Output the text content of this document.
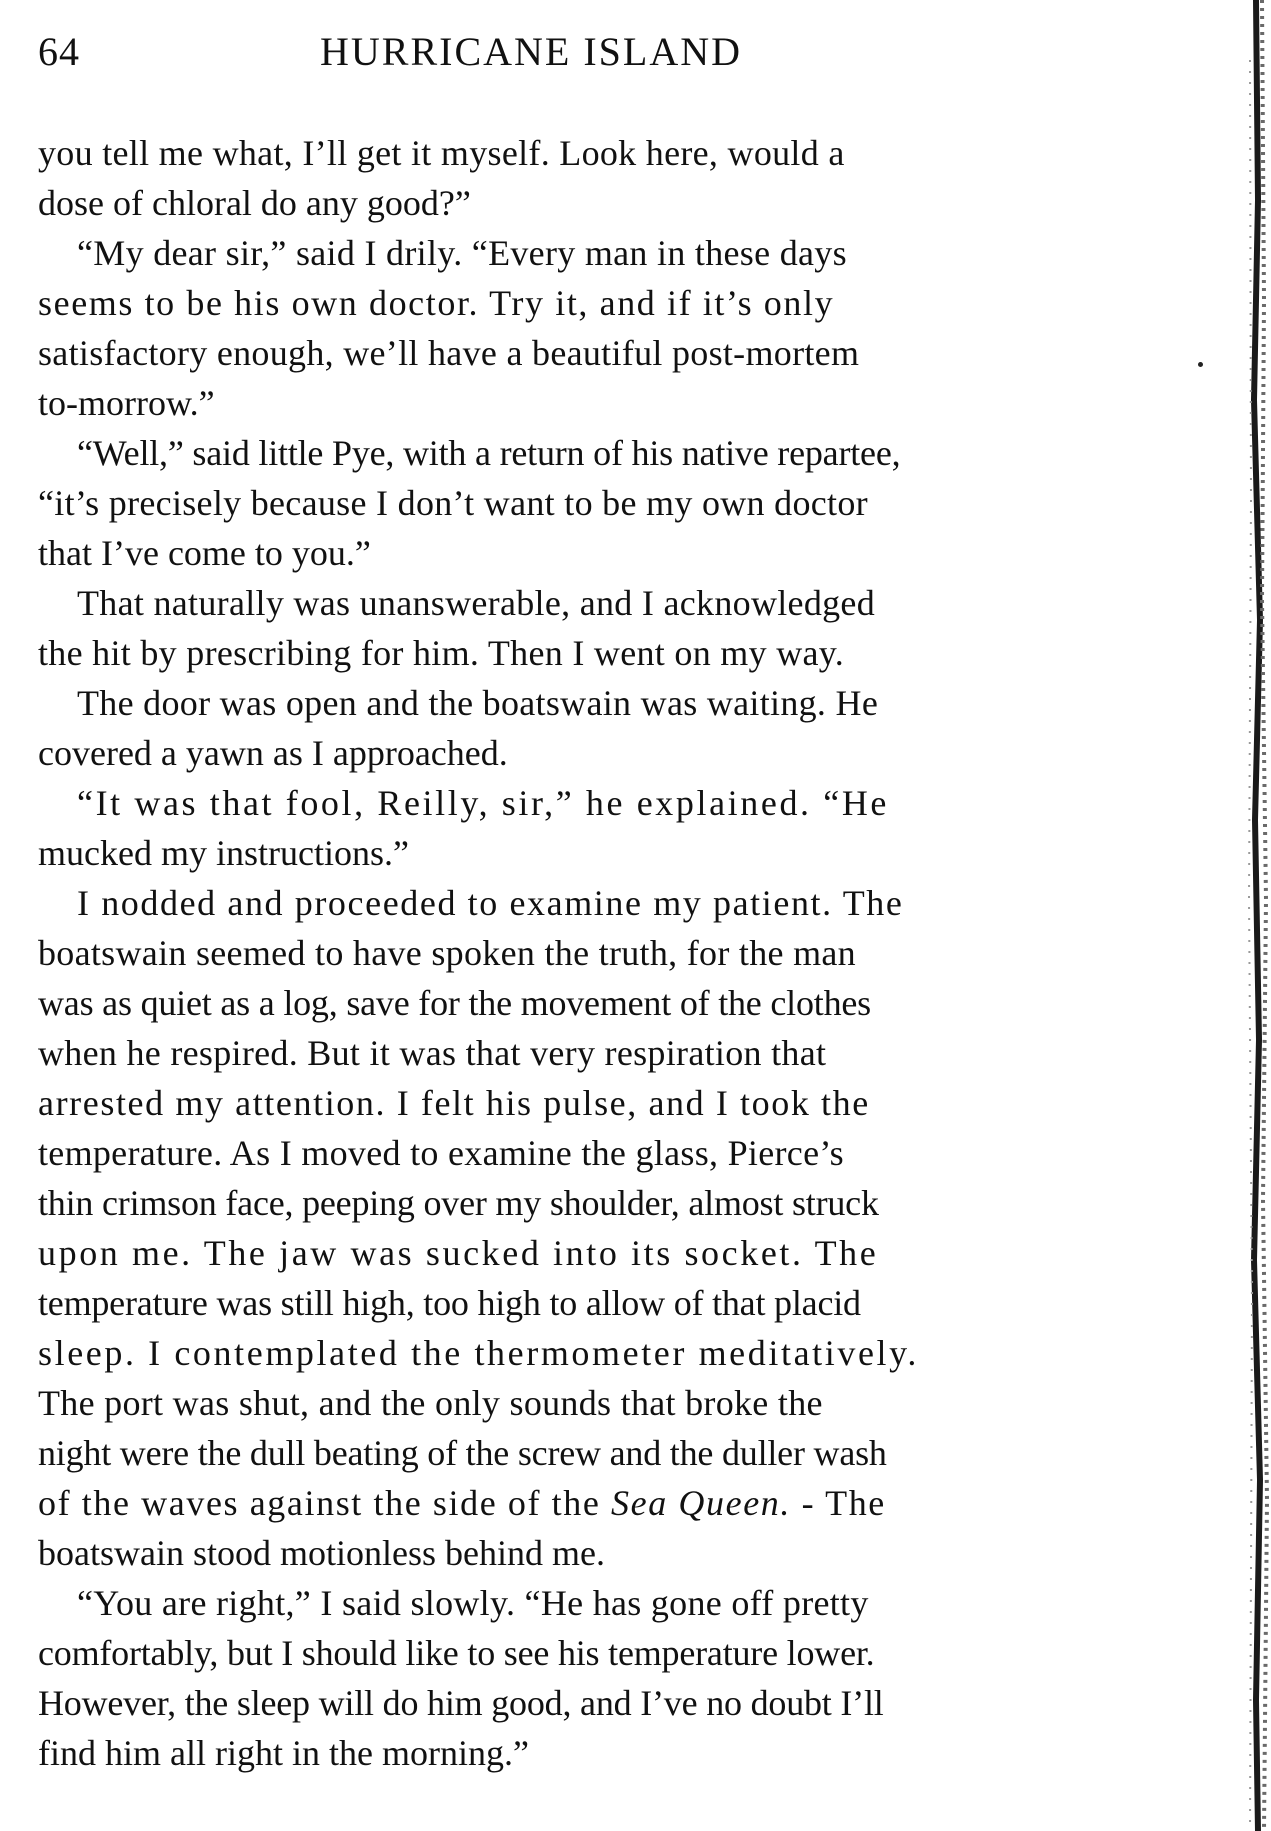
64	HURRICANE ISLAND
you tell me what, I’ll get it myself. Look here, would a
dose of chloral do any good?”
“My dear sir,” said I drily. “Every man in these days
seems to be his own doctor. Try it, and if it’s only
satisfactory enough, we’ll have a beautiful post-mortem
to-morrow.”
“Well,” said little Pye, with a return of his native repartee,
“it’s precisely because I don’t want to be my own doctor
that I’ve come to you.”
That naturally was unanswerable, and I acknowledged
the hit by prescribing for him. Then I went on my way.
The door was open and the boatswain was waiting. He
covered a yawn as I approached.
“It was that fool, Reilly, sir,” he explained. “He
mucked my instructions.”
I nodded and proceeded to examine my patient. The
boatswain seemed to have spoken the truth, for the man
was as quiet as a log, save for the movement of the clothes
when he respired. But it was that very respiration that
arrested my attention. I felt his pulse, and I took the
temperature. As I moved to examine the glass, Pierce’s
thin crimson face, peeping over my shoulder, almost struck
upon me. The jaw was sucked into its socket. The
temperature was still high, too high to allow of that placid
sleep. I contemplated the thermometer meditatively.
The port was shut, and the only sounds that broke the
night were the dull beating of the screw and the duller wash
of the waves against the side of the Sea Queen. - The
boatswain stood motionless behind me.
“You are right,” I said slowly. “He has gone off pretty
comfortably, but I should like to see his temperature lower.
However, the sleep will do him good, and I’ve no doubt I’ll
find him all right in the morning.”
